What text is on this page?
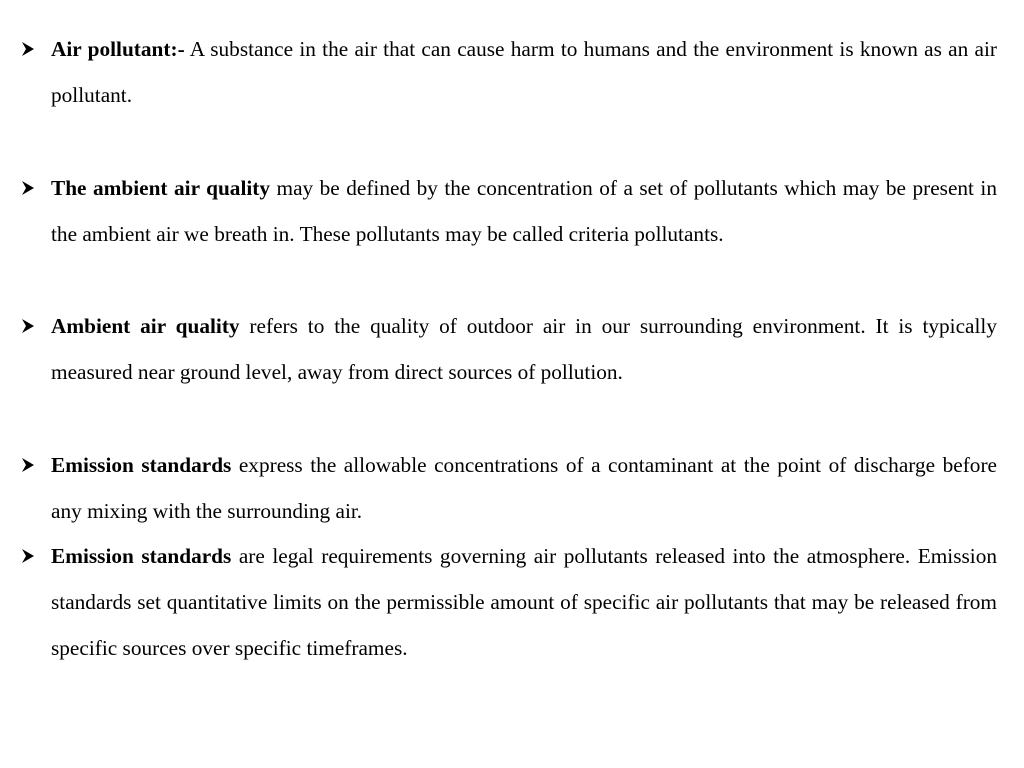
Air pollutant:- A substance in the air that can cause harm to humans and the environment is known as an air pollutant.
The ambient air quality may be defined by the concentration of a set of pollutants which may be present in the ambient air we breath in. These pollutants may be called criteria pollutants.
Ambient air quality refers to the quality of outdoor air in our surrounding environment. It is typically measured near ground level, away from direct sources of pollution.
Emission standards express the allowable concentrations of a contaminant at the point of discharge before any mixing with the surrounding air.
Emission standards are legal requirements governing air pollutants released into the atmosphere. Emission standards set quantitative limits on the permissible amount of specific air pollutants that may be released from specific sources over specific timeframes.
